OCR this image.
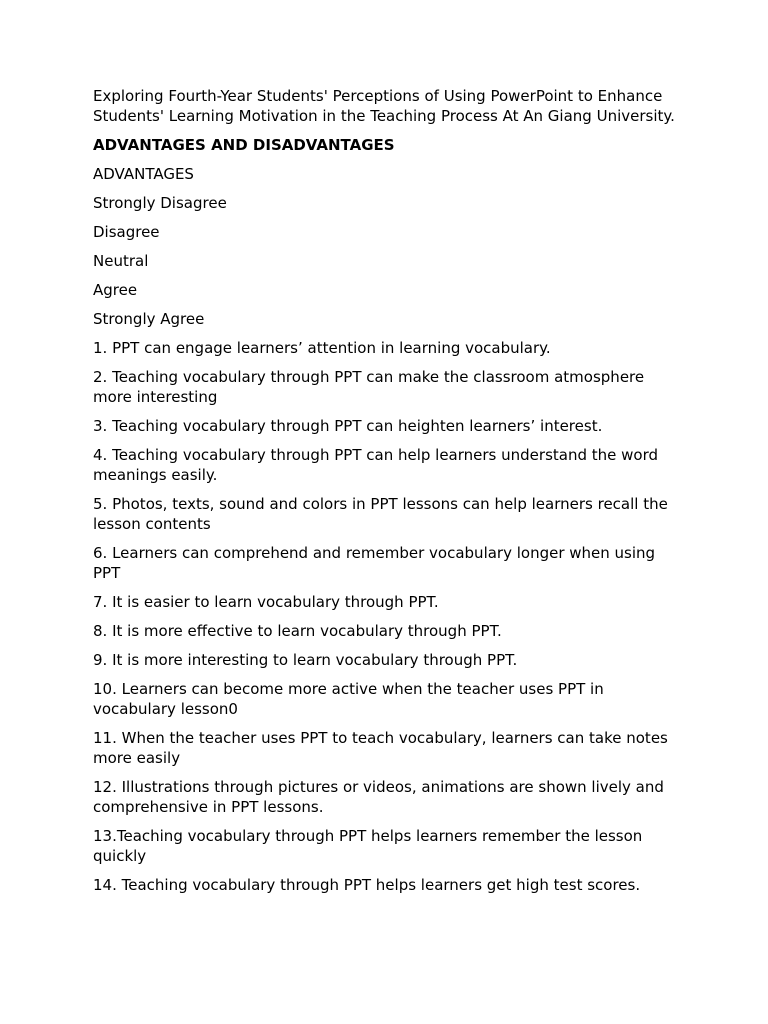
Exploring Fourth-Year Students' Perceptions of Using PowerPoint to Enhance Students' Learning Motivation in the Teaching Process At An Giang University.

ADVANTAGES AND DISADVANTAGES

ADVANTAGES

Strongly Disagree

Disagree

Neutral

Agree

Strongly Agree

1. PPT can engage learners’ attention in learning vocabulary.

2. Teaching vocabulary through PPT can make the classroom atmosphere more interesting

3. Teaching vocabulary through PPT can heighten learners’ interest.

4. Teaching vocabulary through PPT can help learners understand the word meanings easily.

5. Photos, texts, sound and colors in PPT lessons can help learners recall the lesson contents

6. Learners can comprehend and remember vocabulary longer when using PPT

7. It is easier to learn vocabulary through PPT.

8. It is more effective to learn vocabulary through PPT.

9. It is more interesting to learn vocabulary through PPT.

10. Learners can become more active when the teacher uses PPT in vocabulary lesson0

11. When the teacher uses PPT to teach vocabulary, learners can take notes more easily

12. Illustrations through pictures or videos, animations are shown lively and comprehensive in PPT lessons.

13.Teaching vocabulary through PPT helps learners remember the lesson quickly

14. Teaching vocabulary through PPT helps learners get high test scores.
